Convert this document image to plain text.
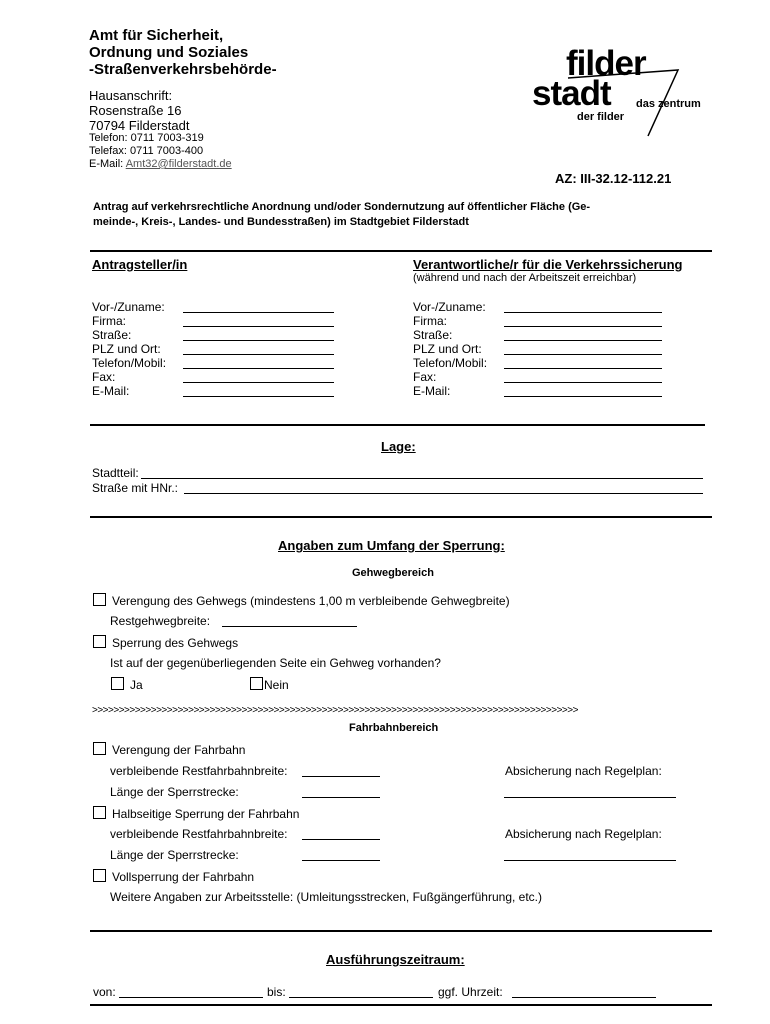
Amt für Sicherheit,
Ordnung und Soziales
-Straßenverkehrsbehörde-
Hausanschrift:
Rosenstraße 16
70794 Filderstadt
Telefon: 0711 7003-319
Telefax: 0711 7003-400
E-Mail: Amt32@filderstadt.de
filder
stadt das zentrum
der filder
AZ: III-32.12-112.21
Antrag auf verkehrsrechtliche Anordnung und/oder Sondernutzung auf öffentlicher Fläche (Ge-
meinde-, Kreis-, Landes- und Bundesstraßen) im Stadtgebiet Filderstadt
Antragsteller/in
Vor-/Zuname:
Firma:
Straße:
PLZ und Ort:
Telefon/Mobil:
Fax:
E-Mail:
Verantwortliche/r für die Verkehrssicherung
(während und nach der Arbeitszeit erreichbar)
Vor-/Zuname:
Firma:
Straße:
PLZ und Ort:
Telefon/Mobil:
Fax:
E-Mail:
Lage:
Stadtteil:
Straße mit HNr.:
Angaben zum Umfang der Sperrung:
Gehwegbereich
Verengung des Gehwegs (mindestens 1,00 m verbleibende Gehwegbreite)
Restgehwegbreite:
Sperrung des Gehwegs
Ist auf der gegenüberliegenden Seite ein Gehweg vorhanden?
Ja	Nein
>>>>>>>>>>>>>>>>>>>>>>>>>>>>>>>>>>>>>>>>>>>>>>>>>>>>>>>>>>>>>>>>>>>>>>>>>>>>>>>>>>>>>>>>>>>
Fahrbahnbereich
Verengung der Fahrbahn
verbleibende Restfahrbahnbreite:	Absicherung nach Regelplan:
Länge der Sperrstrecke:
Halbseitige Sperrung der Fahrbahn
verbleibende Restfahrbahnbreite:	Absicherung nach Regelplan:
Länge der Sperrstrecke:
Vollsperrung der Fahrbahn
Weitere Angaben zur Arbeitsstelle: (Umleitungsstrecken, Fußgängerführung, etc.)
Ausführungszeitraum:
von:	bis:	ggf. Uhrzeit:
